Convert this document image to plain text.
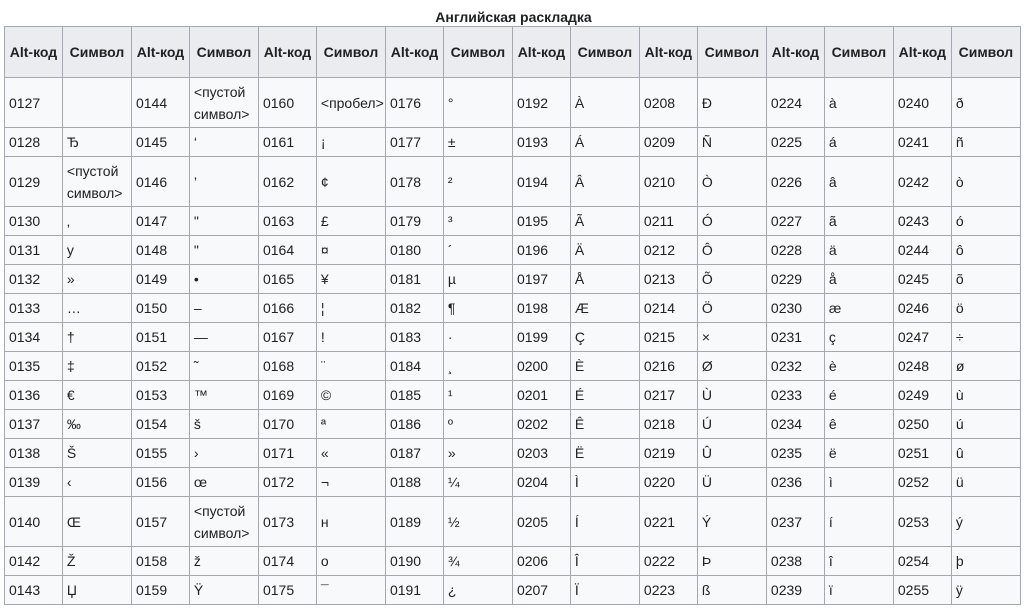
Английская раскладка
Alt-код	Символ	Alt-код	Символ	Alt-код	Символ	Alt-код	Символ	Alt-код	Символ	Alt-код	Символ	Alt-код	Символ	Alt-код	Символ
0127		0144	<пустой символ>	0160	<пробел>	0176	°	0192	À	0208	Ð	0224	à	0240	ð
0128	Ђ	0145	‘	0161	¡	0177	±	0193	Á	0209	Ñ	0225	á	0241	ñ
0129	<пустой символ>	0146	’	0162	¢	0178	²	0194	Â	0210	Ò	0226	â	0242	ò
0130	‚	0147	"	0163	£	0179	³	0195	Ã	0211	Ó	0227	ã	0243	ó
0131	у	0148	"	0164	¤	0180	´	0196	Ä	0212	Ô	0228	ä	0244	ô
0132	»	0149	•	0165	¥	0181	µ	0197	Å	0213	Õ	0229	å	0245	õ
0133	…	0150	–	0166	¦	0182	¶	0198	Æ	0214	Ö	0230	æ	0246	ö
0134	†	0151	—	0167	!	0183	·	0199	Ç	0215	×	0231	ç	0247	÷
0135	‡	0152	˜	0168	¨	0184	¸	0200	È	0216	Ø	0232	è	0248	ø
0136	€	0153	™	0169	©	0185	¹	0201	É	0217	Ù	0233	é	0249	ù
0137	‰	0154	š	0170	ª	0186	º	0202	Ê	0218	Ú	0234	ê	0250	ú
0138	Š	0155	›	0171	«	0187	»	0203	Ë	0219	Û	0235	ë	0251	û
0139	‹	0156	œ	0172	¬	0188	¼	0204	Ì	0220	Ü	0236	ì	0252	ü
0140	Œ	0157	<пустой символ>	0173	н	0189	½	0205	Í	0221	Ý	0237	í	0253	ý
0142	Ž	0158	ž	0174	о	0190	¾	0206	Î	0222	Þ	0238	î	0254	þ
0143	Џ	0159	Ÿ	0175	¯	0191	¿	0207	Ï	0223	ß	0239	ï	0255	ÿ
